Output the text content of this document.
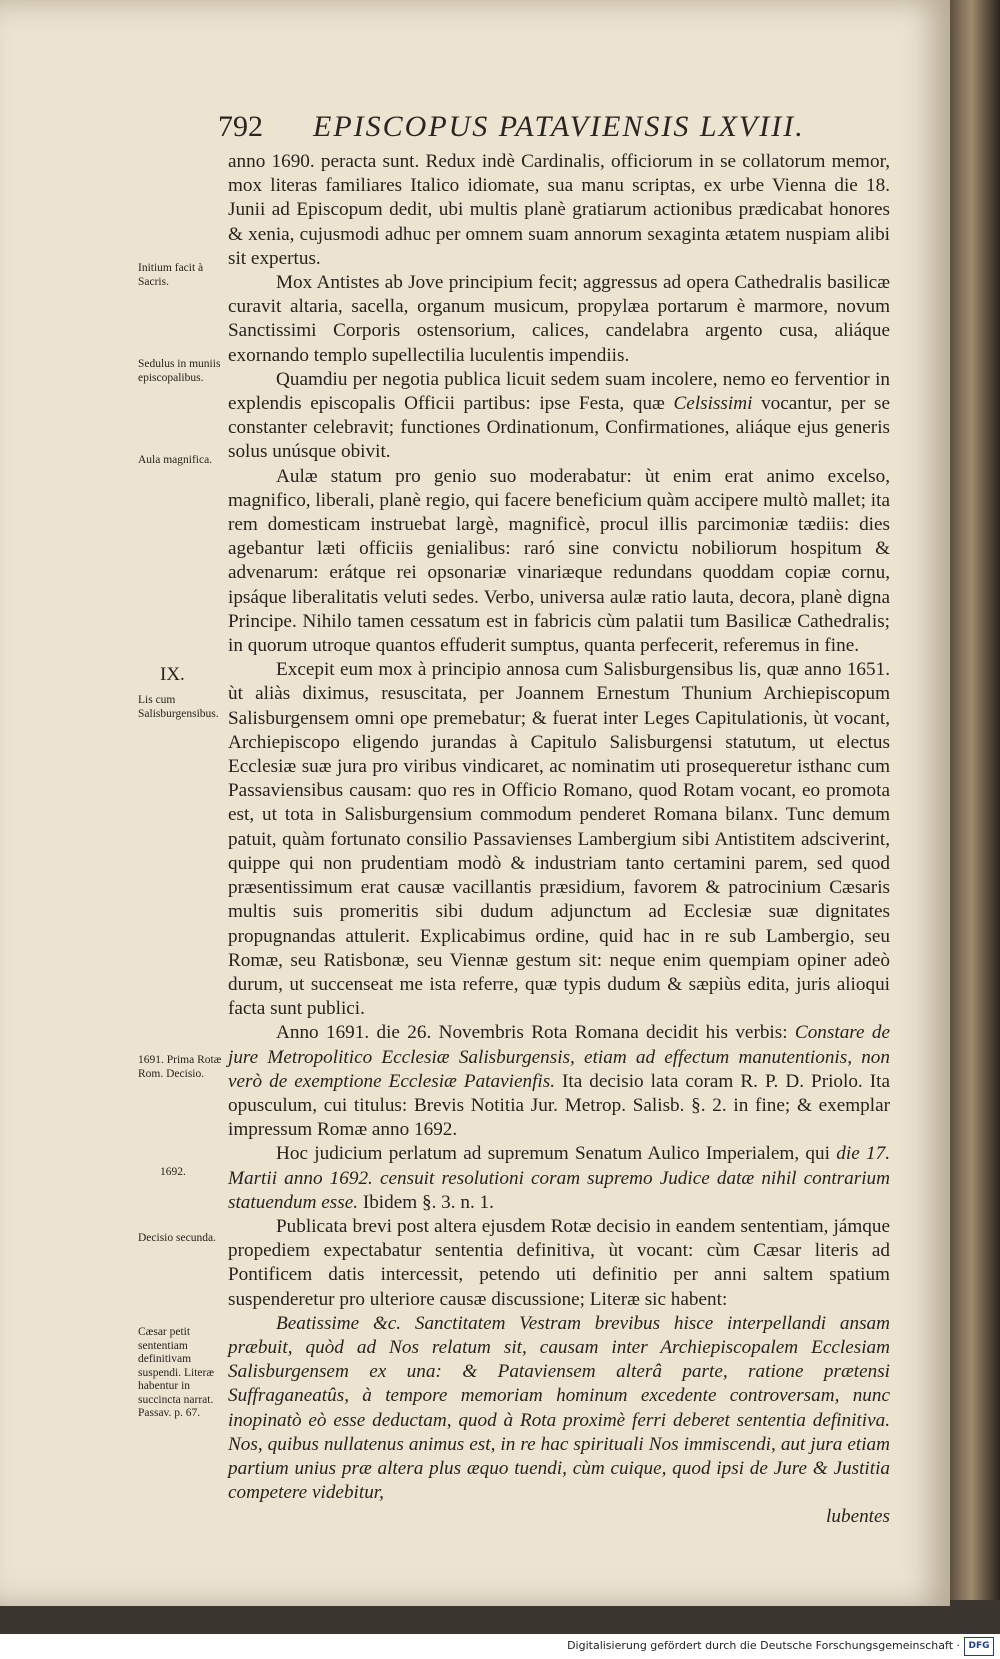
792 EPISCOPUS PATAVIENSIS LXVIII.
Initium facit à Sacris.
Sedulus in muniis episcopalibus.
Aula magnifica.
IX.
Lis cum Salisburgensibus.
1691. Prima Rotæ Rom. Decisio.
1692.
Decisio secunda.
Cæsar petit sententiam definitivam suspendi. Literæ habentur in succincta narrat. Passav. p. 67.

anno 1690. peracta sunt. Redux indè Cardinalis, officiorum in se collatorum memor, mox literas familiares Italico idiomate, sua manu scriptas, ex urbe Vienna die 18. Junii ad Episcopum dedit, ubi multis planè gratiarum actionibus prædicabat honores & xenia, cujusmodi adhuc per omnem suam annorum sexaginta ætatem nuspiam alibi sit expertus.

Mox Antistes ab Jove principium fecit; aggressus ad opera Cathedralis basilicæ curavit altaria, sacella, organum musicum, propylæa portarum è marmore, novum Sanctissimi Corporis ostensorium, calices, candelabra argento cusa, aliáque exornando templo supellectilia luculentis impendiis.

Quamdiu per negotia publica licuit sedem suam incolere, nemo eo ferventior in explendis episcopalis Officii partibus: ipse Festa, quæ Celsissimi vocantur, per se constanter celebravit; functiones Ordinationum, Confirmationes, aliáque ejus generis solus unúsque obivit.

Aulæ statum pro genio suo moderabatur: ùt enim erat animo excelso, magnifico, liberali, planè regio, qui facere beneficium quàm accipere multò mallet; ita rem domesticam instruebat largè, magnificè, procul illis parcimoniæ tædiis: dies agebantur læti officiis genialibus: raró sine convictu nobiliorum hospitum & advenarum: erátque rei opsonariæ vinariæque redundans quoddam copiæ cornu, ipsáque liberalitatis veluti sedes. Verbo, universa aulæ ratio lauta, decora, planè digna Principe. Nihilo tamen cessatum est in fabricis cùm palatii tum Basilicæ Cathedralis; in quorum utroque quantos effuderit sumptus, quanta perfecerit, referemus in fine.

Excepit eum mox à principio annosa cum Salisburgensibus lis, quæ anno 1651. ùt aliàs diximus, resuscitata, per Joannem Ernestum Thunium Archiepiscopum Salisburgensem omni ope premebatur; & fuerat inter Leges Capitulationis, ùt vocant, Archiepiscopo eligendo jurandas à Capitulo Salisburgensi statutum, ut electus Ecclesiæ suæ jura pro viribus vindicaret, ac nominatim uti prosequeretur isthanc cum Passaviensibus causam: quo res in Officio Romano, quod Rotam vocant, eo promota est, ut tota in Salisburgensium commodum penderet Romana bilanx. Tunc demum patuit, quàm fortunato consilio Passavienses Lambergium sibi Antistitem adsciverint, quippe qui non prudentiam modò & industriam tanto certamini parem, sed quod præsentissimum erat causæ vacillantis præsidium, favorem & patrocinium Cæsaris multis suis promeritis sibi dudum adjunctum ad Ecclesiæ suæ dignitates propugnandas attulerit. Explicabimus ordine, quid hac in re sub Lambergio, seu Romæ, seu Ratisbonæ, seu Viennæ gestum sit: neque enim quempiam opiner adeò durum, ut succenseat me ista referre, quæ typis dudum & sæpiùs edita, juris alioqui facta sunt publici.

Anno 1691. die 26. Novembris Rota Romana decidit his verbis: Constare de jure Metropolitico Ecclesiæ Salisburgensis, etiam ad effectum manutentionis, non verò de exemptione Ecclesiæ Patavienfis. Ita decisio lata coram R. P. D. Priolo. Ita opusculum, cui titulus: Brevis Notitia Jur. Metrop. Salisb. §. 2. in fine; & exemplar impressum Romæ anno 1692.

Hoc judicium perlatum ad supremum Senatum Aulico Imperialem, qui die 17. Martii anno 1692. censuit resolutioni coram supremo Judice datæ nihil contrarium statuendum esse. Ibidem §. 3. n. 1.

Publicata brevi post altera ejusdem Rotæ decisio in eandem sententiam, jámque propediem expectabatur sententia definitiva, ùt vocant: cùm Cæsar literis ad Pontificem datis intercessit, petendo uti definitio per anni saltem spatium suspenderetur pro ulteriore causæ discussione; Literæ sic habent:

Beatissime &c. Sanctitatem Vestram brevibus hisce interpellandi ansam præbuit, quòd ad Nos relatum sit, causam inter Archiepiscopalem Ecclesiam Salisburgensem ex una: & Pataviensem alterâ parte, ratione prætensi Suffraganeatûs, à tempore memoriam hominum excedente controversam, nunc inopinatò eò esse deductam, quod à Rota proximè ferri deberet sententia definitiva. Nos, quibus nullatenus animus est, in re hac spirituali Nos immiscendi, aut jura etiam partium unius præ altera plus æquo tuendi, cùm cuique, quod ipsi de Jure & Justitia competere videbitur,

lubentes

Digitalisierung gefördert durch die Deutsche Forschungsgemeinschaft · DFG
